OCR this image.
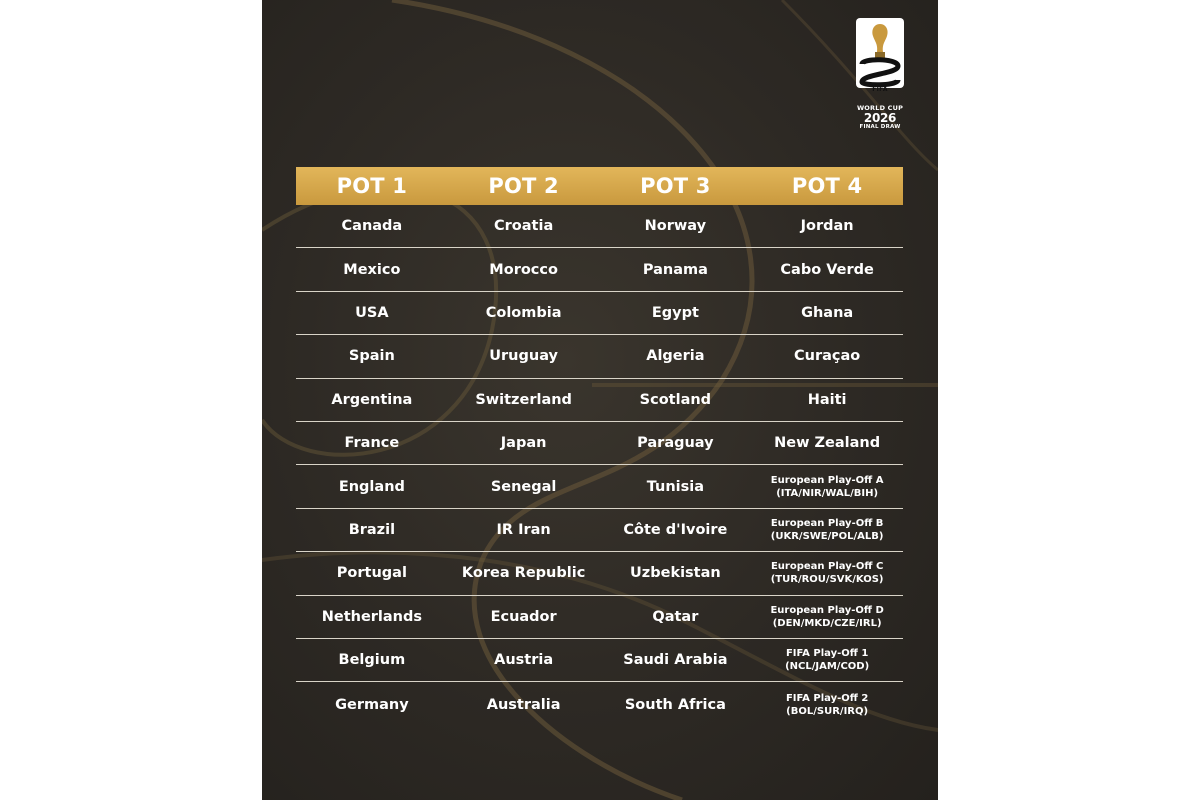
FIFA
WORLD CUP
2026
FINAL DRAW
POT 1	POT 2	POT 3	POT 4
Canada	Croatia	Norway	Jordan
Mexico	Morocco	Panama	Cabo Verde
USA	Colombia	Egypt	Ghana
Spain	Uruguay	Algeria	Curaçao
Argentina	Switzerland	Scotland	Haiti
France	Japan	Paraguay	New Zealand
England	Senegal	Tunisia	European Play-Off A
(ITA/NIR/WAL/BIH)
Brazil	IR Iran	Côte d'Ivoire	European Play-Off B
(UKR/SWE/POL/ALB)
Portugal	Korea Republic	Uzbekistan	European Play-Off C
(TUR/ROU/SVK/KOS)
Netherlands	Ecuador	Qatar	European Play-Off D
(DEN/MKD/CZE/IRL)
Belgium	Austria	Saudi Arabia	FIFA Play-Off 1
(NCL/JAM/COD)
Germany	Australia	South Africa	FIFA Play-Off 2
(BOL/SUR/IRQ)
